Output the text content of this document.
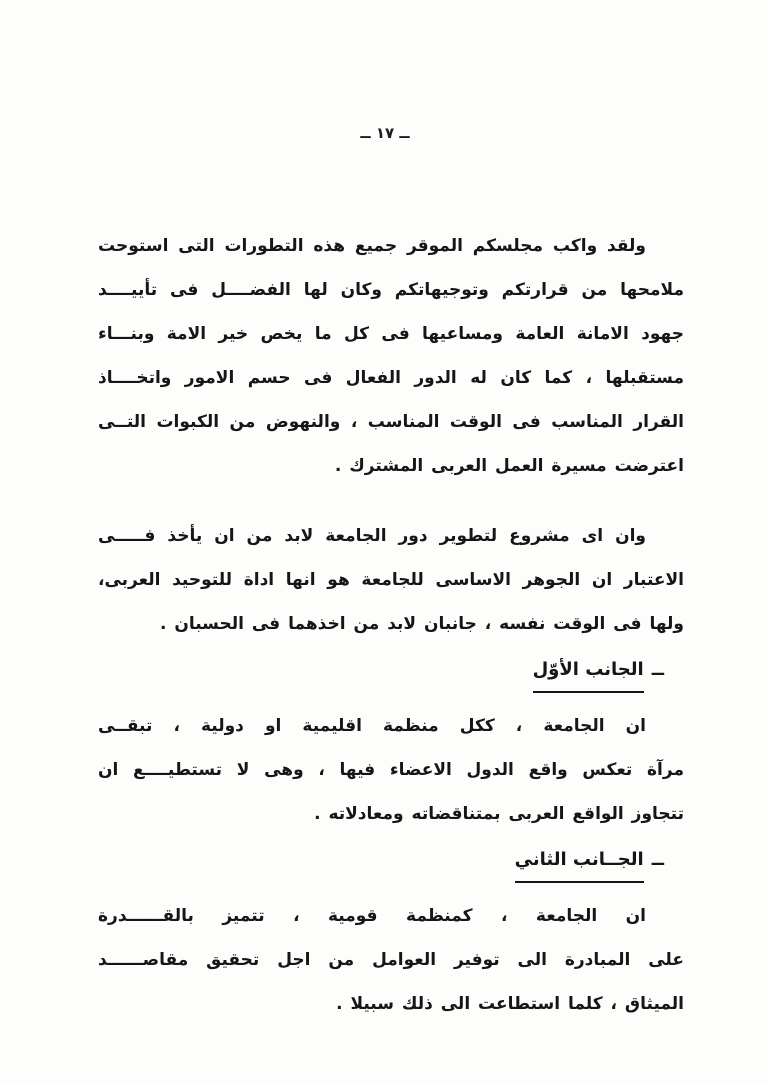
ــ ١٧ ــ
ولقد واكب مجلسكم الموقر جميع هذه التطورات التى استوحت
ملامحها من قرارتكم وتوجيهاتكم وكان لها الفضــــل فى تأييــــد
جهود الامانة العامة ومساعيها فى كل ما يخص خير الامة وبنـــاء
مستقبلها ، كما كان له الدور الفعال فى حسم الامور واتخــــاذ
القرار المناسب فى الوقت المناسب ، والنهوض من الكبوات التــى
اعترضت مسيرة العمل العربى المشترك .
وان اى مشروع لتطوير دور الجامعة لابد من ان يأخذ فـــــى
الاعتبار ان الجوهر الاساسى للجامعة هو انها اداة للتوحيد العربى،
ولها فى الوقت نفسه ، جانبان لابد من اخذهما فى الحسبان .
ــالجانب الأوّل
ان الجامعة ، ككل منظمة اقليمية او دولية ، تبقــى
مرآة تعكس واقع الدول الاعضاء فيها ، وهى لا تستطيــــع ان
تتجاوز الواقع العربى بمتناقضاته ومعادلاته .
ــالجــانب الثاني
ان الجامعة ، كمنظمة قومية ، تتميز بالقــــــدرة
على المبادرة الى توفير العوامل من اجل تحقيق مقاصــــــد
الميثاق ، كلما استطاعت الى ذلك سبيلا .
